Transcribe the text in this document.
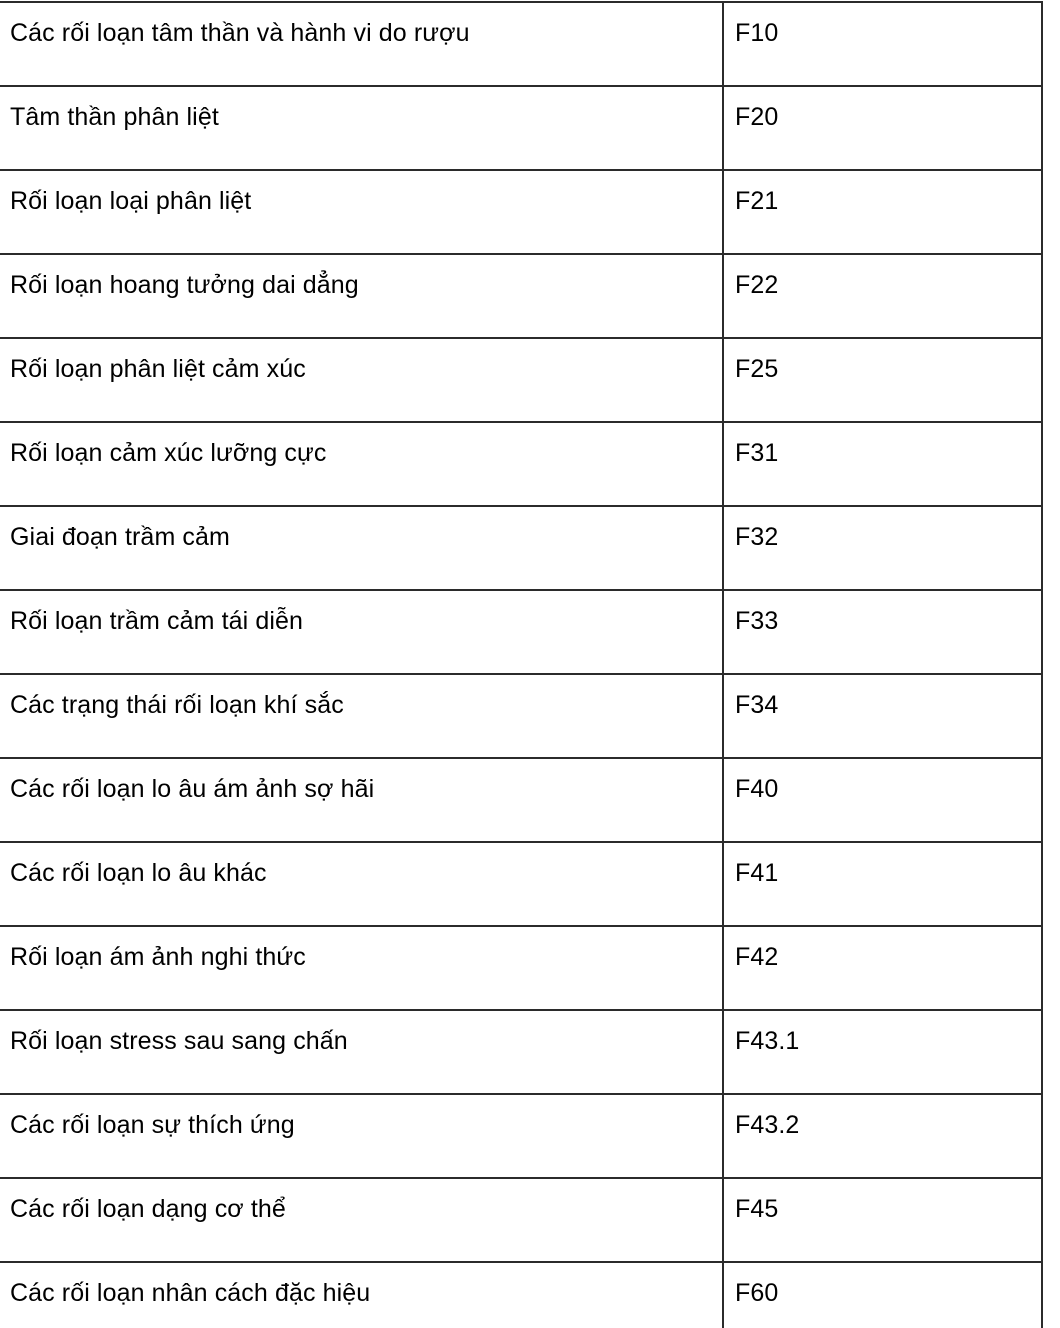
Các rối loạn tâm thần và hành vi do rượu	F10

Tâm thần phân liệt	F20

Rối loạn loại phân liệt	F21

Rối loạn hoang tưởng dai dẳng	F22

Rối loạn phân liệt cảm xúc	F25

Rối loạn cảm xúc lưỡng cực	F31

Giai đoạn trầm cảm	F32

Rối loạn trầm cảm tái diễn	F33

Các trạng thái rối loạn khí sắc	F34

Các rối loạn lo âu ám ảnh sợ hãi	F40

Các rối loạn lo âu khác	F41

Rối loạn ám ảnh nghi thức	F42

Rối loạn stress sau sang chấn	F43.1

Các rối loạn sự thích ứng	F43.2

Các rối loạn dạng cơ thể	F45

Các rối loạn nhân cách đặc hiệu	F60
